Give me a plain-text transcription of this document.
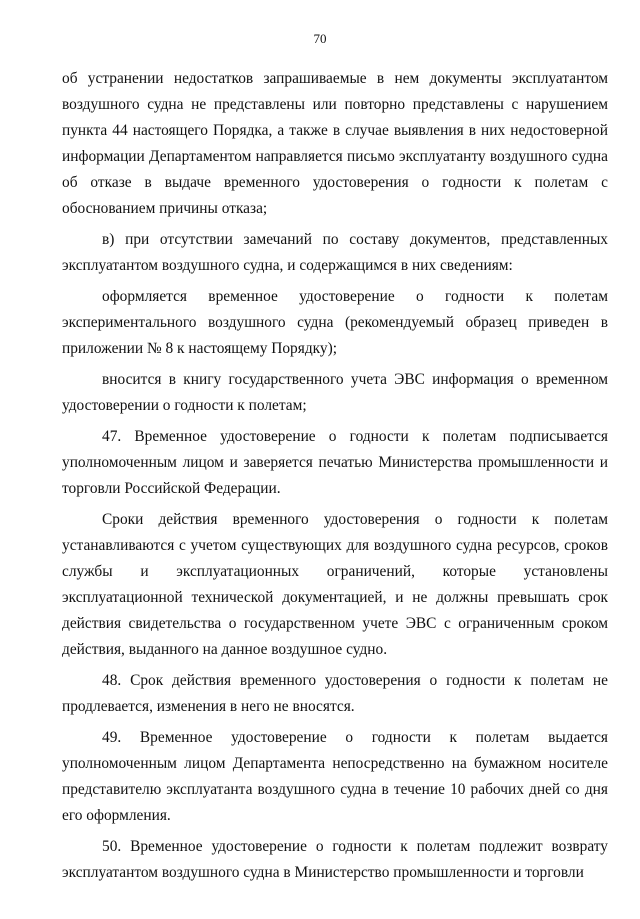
70

об устранении недостатков запрашиваемые в нем документы эксплуатантом воздушного судна не представлены или повторно представлены с нарушением пункта 44 настоящего Порядка, а также в случае выявления в них недостоверной информации Департаментом направляется письмо эксплуатанту воздушного судна об отказе в выдаче временного удостоверения о годности к полетам с обоснованием причины отказа;

в) при отсутствии замечаний по составу документов, представленных эксплуатантом воздушного судна, и содержащимся в них сведениям:

оформляется временное удостоверение о годности к полетам экспериментального воздушного судна (рекомендуемый образец приведен в приложении № 8 к настоящему Порядку);

вносится в книгу государственного учета ЭВС информация о временном удостоверении о годности к полетам;

47. Временное удостоверение о годности к полетам подписывается уполномоченным лицом и заверяется печатью Министерства промышленности и торговли Российской Федерации.

Сроки действия временного удостоверения о годности к полетам устанавливаются с учетом существующих для воздушного судна ресурсов, сроков службы и эксплуатационных ограничений, которые установлены эксплуатационной технической документацией, и не должны превышать срок действия свидетельства о государственном учете ЭВС с ограниченным сроком действия, выданного на данное воздушное судно.

48. Срок действия временного удостоверения о годности к полетам не продлевается, изменения в него не вносятся.

49. Временное удостоверение о годности к полетам выдается уполномоченным лицом Департамента непосредственно на бумажном носителе представителю эксплуатанта воздушного судна в течение 10 рабочих дней со дня его оформления.

50. Временное удостоверение о годности к полетам подлежит возврату эксплуатантом воздушного судна в Министерство промышленности и торговли
